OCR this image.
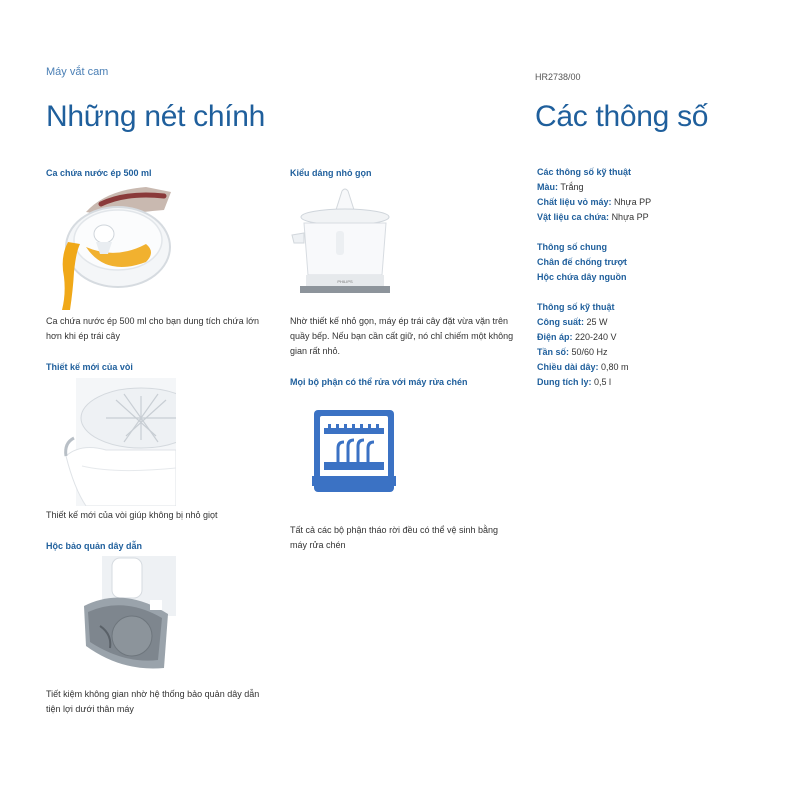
Máy vắt cam	HR2738/00
Những nét chính	Các thông số
Ca chứa nước ép 500 ml
Ca chứa nước ép 500 ml cho bạn dung tích chứa lớn
hơn khi ép trái cây
Thiết kế mới của vòi
Thiết kế mới của vòi giúp không bị nhỏ giọt
Hộc bảo quản dây dẫn
Tiết kiệm không gian nhờ hệ thống bảo quản dây dẫn
tiện lợi dưới thân máy
Kiểu dáng nhỏ gọn
PHILIPS
Nhờ thiết kế nhỏ gọn, máy ép trái cây đặt vừa vặn trên
quầy bếp. Nếu bạn cần cất giữ, nó chỉ chiếm một không
gian rất nhỏ.
Mọi bộ phận có thể rửa với máy rửa chén
Tất cả các bộ phận tháo rời đều có thể vệ sinh bằng
máy rửa chén
Các thông số kỹ thuật
Màu: Trắng
Chất liệu vỏ máy: Nhựa PP
Vật liệu ca chứa: Nhựa PP
Thông số chung
Chân đế chống trượt
Hộc chứa dây nguồn
Thông số kỹ thuật
Công suất: 25 W
Điện áp: 220-240 V
Tần số: 50/60 Hz
Chiều dài dây: 0,80 m
Dung tích ly: 0,5 l
